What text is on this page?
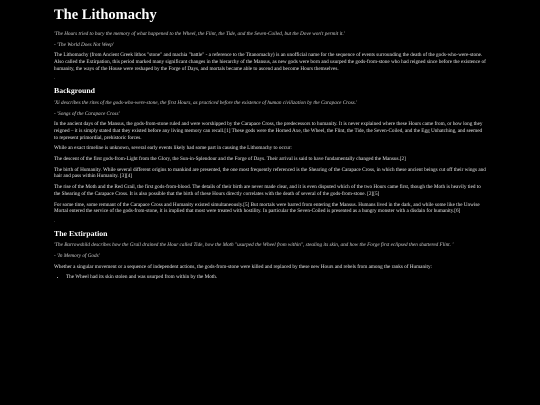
The Lithomachy

'The Hours tried to bury the memory of what happened to the Wheel, the Flint, the Tide, and the Seven-Coiled, but the Dove won't permit it.'

- 'The World Does Not Weep'

The Lithomachy (from Ancient Greek lithos "stone" and machia "battle" - a reference to the Titanomachy) is an unofficial name for the sequence of events surrounding the death of the gods-who-were-stone. Also called the Extirpation, this period marked many significant changes in the hierarchy of the Mansus, as new gods were born and usurped the gods-from-stone who had reigned since before the existence of humanity, the ways of the House were reshaped by the Forge of Days, and mortals became able to ascend and become Hours themselves.

.
Background

'Xi describes the rites of the gods-who-were-stone, the first Hours, as practiced before the existence of human civilization by the Carapace Cross.'

- 'Songs of the Carapace Cross'

In the ancient days of the Mansus, the gods-from-stone ruled and were worshipped by the Carapace Cross, the predecessors to humanity. It is never explained where these Hours came from, or how long they reigned – it is simply stated that they existed before any living memory can recall.[1] These gods were the Horned Axe, the Wheel, the Flint, the Tide, the Seven-Coiled, and the Egg Unhatching, and seemed to represent primordial, prehistoric forces.

While an exact timeline is unknown, several early events likely had some part in causing the Lithomachy to occur:

The descent of the first gods-from-Light from the Glory, the Sun-in-Splendour and the Forge of Days. Their arrival is said to have fundamentally changed the Mansus.[2]

The birth of Humanity. While several different origins to mankind are presented, the one most frequently referenced is the Shearing of the Carapace Cross, in which these ancient beings cut off their wings and hair and pass within Humanity. [3][4]

The rise of the Moth and the Red Grail, the first gods-from-blood. The details of their birth are never made clear, and it is even disputed which of the two Hours came first, though the Moth is heavily tied to the Shearing of the Carapace Cross. It is also possible that the birth of these Hours directly correlates with the death of several of the gods-from-stone. [2][5]

For some time, some remnant of the Carapace Cross and Humanity existed simultaneously.[5] But mortals were barred from entering the Mansus. Humans lived in the dark, and while some like the Unwise Mortal entered the service of the gods-from-stone, it is implied that most were treated with hostility. In particular the Seven-Coiled is presented as a hungry monster with a disdain for humanity.[6]

.
The Extirpation

'The Barrowshild describes how the Grail drained the Hour called Tide, how the Moth "usurped the Wheel from within", stealing its skin, and how the Forge first eclipsed then shattered Flint. '

- 'In Memory of Gods'

Whether a singular movement or a sequence of independent actions, the gods-from-stone were killed and replaced by these new Hours and rebels from among the ranks of Humanity:

• The Wheel had its skin stolen and was usurped from within by the Moth.
